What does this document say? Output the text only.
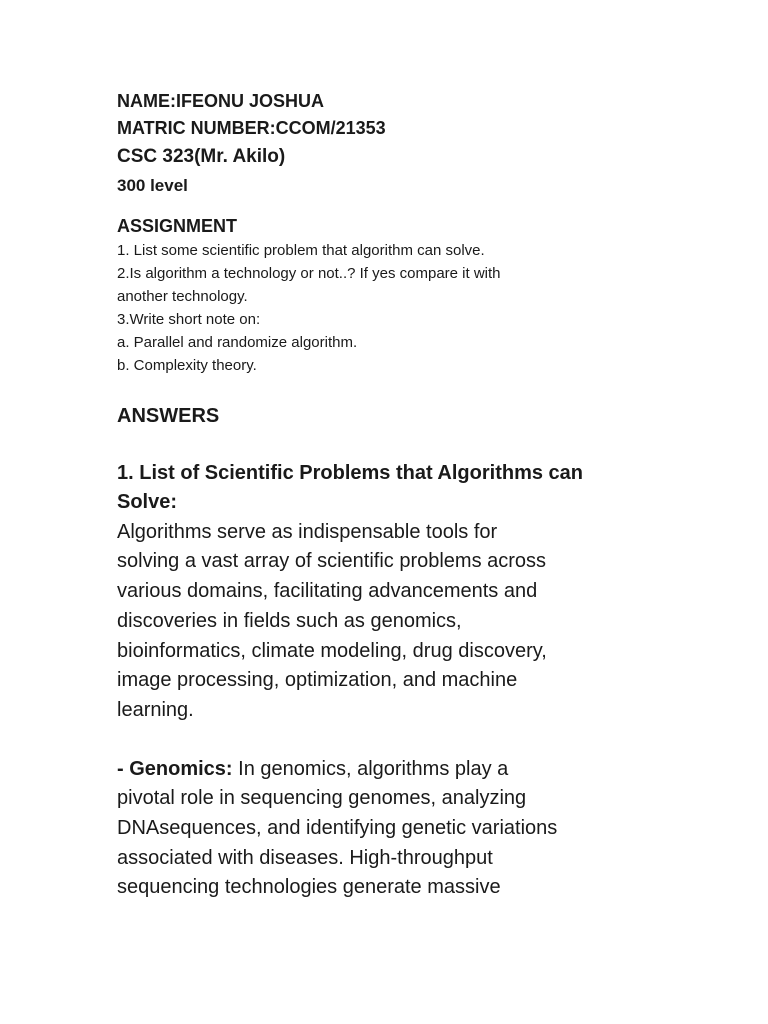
NAME:IFEONU JOSHUA

MATRIC NUMBER:CCOM/21353

CSC 323(Mr. Akilo)

300 level

ASSIGNMENT

1. List some scientific problem that algorithm can solve.

2.Is algorithm a technology or not..? If yes compare it with

another technology.

3.Write short note on:

a. Parallel and randomize algorithm.

b. Complexity theory.

ANSWERS

1. List of Scientific Problems that Algorithms can

Solve:

Algorithms serve as indispensable tools for

solving a vast array of scientific problems across

various domains, facilitating advancements and

discoveries in fields such as genomics,

bioinformatics, climate modeling, drug discovery,

image processing, optimization, and machine

learning.

- Genomics: In genomics, algorithms play a

pivotal role in sequencing genomes, analyzing

DNAsequences, and identifying genetic variations

associated with diseases. High-throughput

sequencing technologies generate massive
